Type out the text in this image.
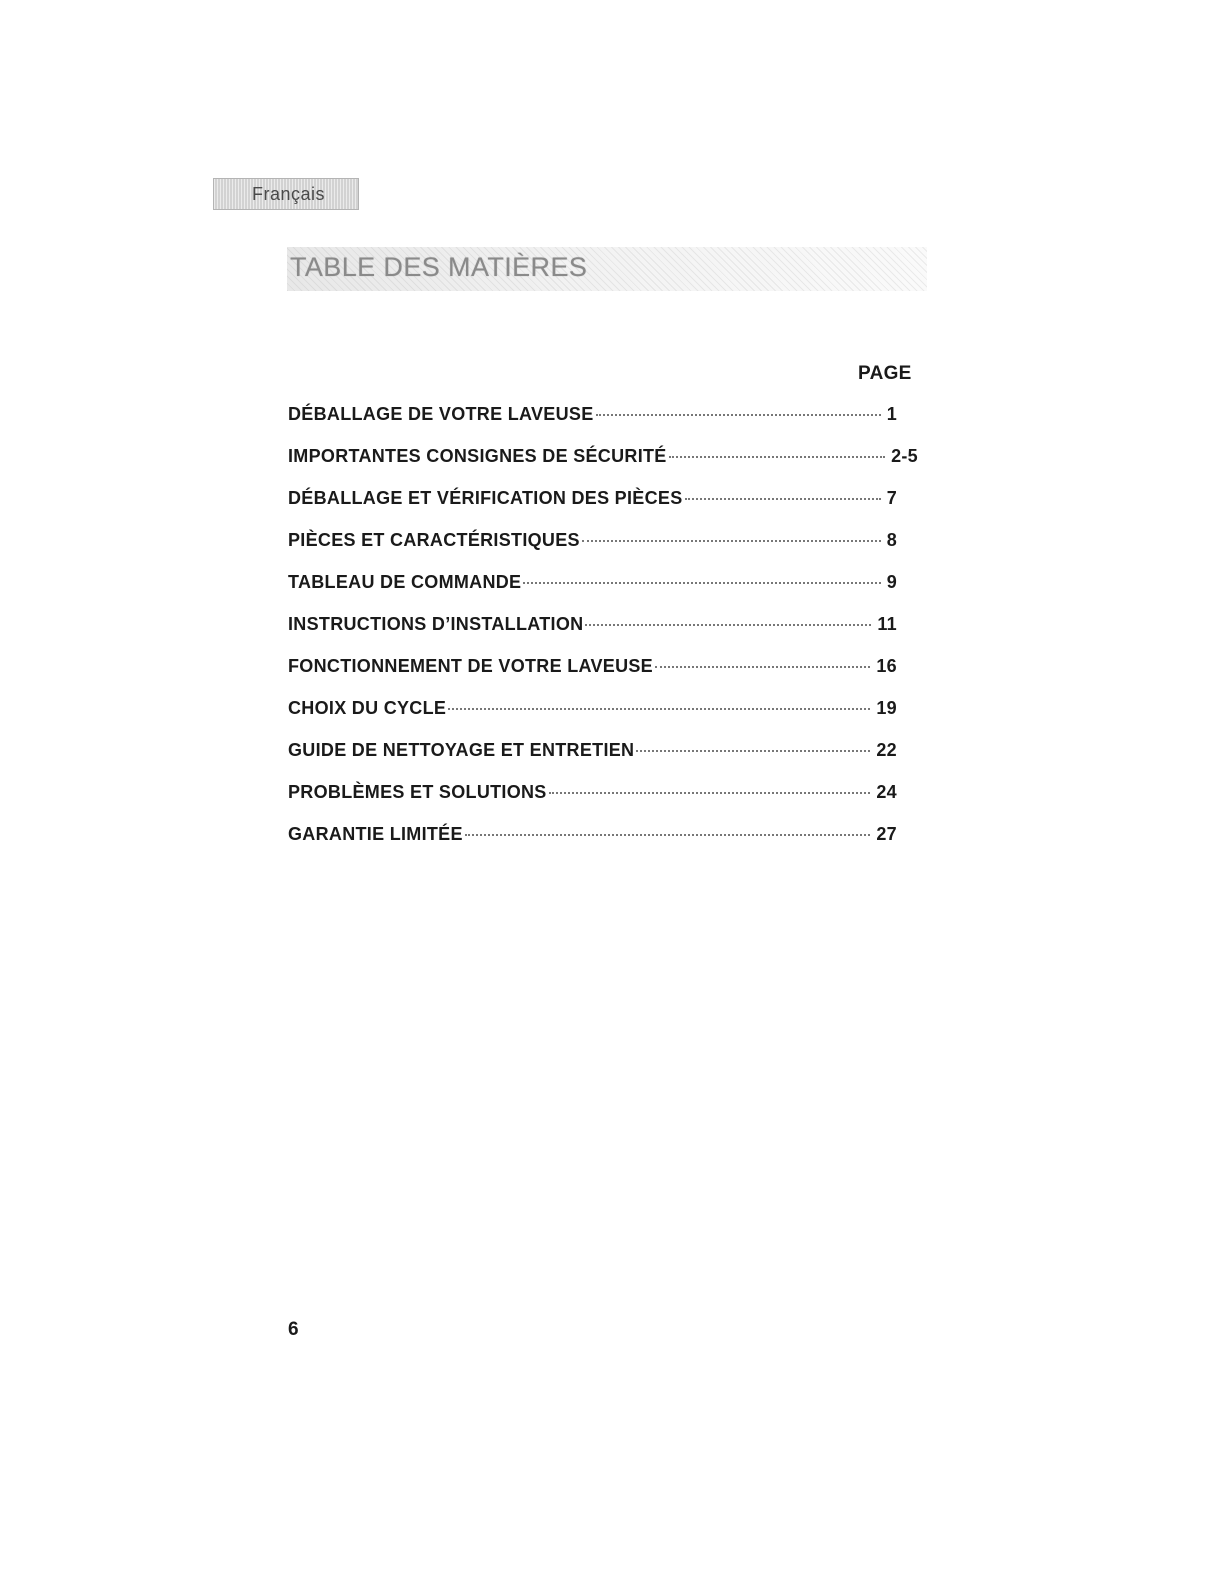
Français
TABLE DES MATIÈRES
PAGE
DÉBALLAGE DE VOTRE LAVEUSE	1
IMPORTANTES CONSIGNES DE SÉCURITÉ	2-5
DÉBALLAGE ET VÉRIFICATION DES PIÈCES	7
PIÈCES ET CARACTÉRISTIQUES	8
TABLEAU DE COMMANDE	9
INSTRUCTIONS D’INSTALLATION	11
FONCTIONNEMENT DE VOTRE LAVEUSE	16
CHOIX DU CYCLE	19
GUIDE DE NETTOYAGE ET ENTRETIEN	22
PROBLÈMES ET SOLUTIONS	24
GARANTIE LIMITÉE	27
6
